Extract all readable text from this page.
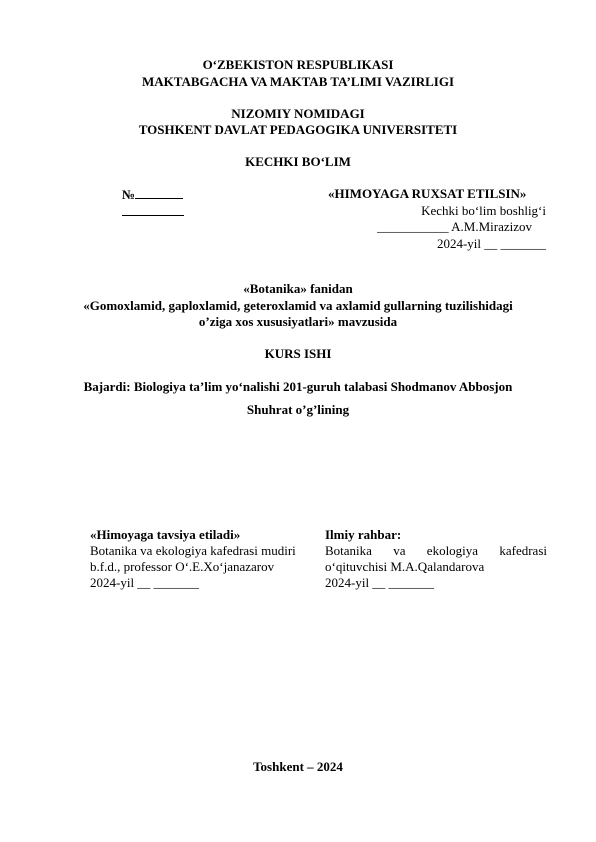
O‘ZBEKISTON RESPUBLIKASI
MAKTABGACHA VA MAKTAB TA’LIMI VAZIRLIGI
NIZOMIY NOMIDAGI
TOSHKENT DAVLAT PEDAGOGIKA UNIVERSITETI
KECHKI BO‘LIM
№	«HIMOYAGA RUXSAT ETILSIN»
Kechki bo‘lim boshlig‘i
___________ A.M.Mirazizov
2024-yil __ _______
«Botanika» fanidan
«Gomoxlamid, gaploxlamid, geteroxlamid va axlamid gullarning tuzilishidagi
o’ziga xos xususiyatlari» mavzusida
KURS ISHI
Bajardi: Biologiya ta’lim yo‘nalishi 201-guruh talabasi Shodmanov Abbosjon
Shuhrat o’g’lining
«Himoyaga tavsiya etiladi»
Botanika va ekologiya kafedrasi mudiri
b.f.d., professor O‘.E.Xo‘janazarov
2024-yil __ _______
Ilmiy rahbar:
Botanika va ekologiya kafedrasi
o‘qituvchisi M.A.Qalandarova
2024-yil __ _______
Toshkent – 2024
